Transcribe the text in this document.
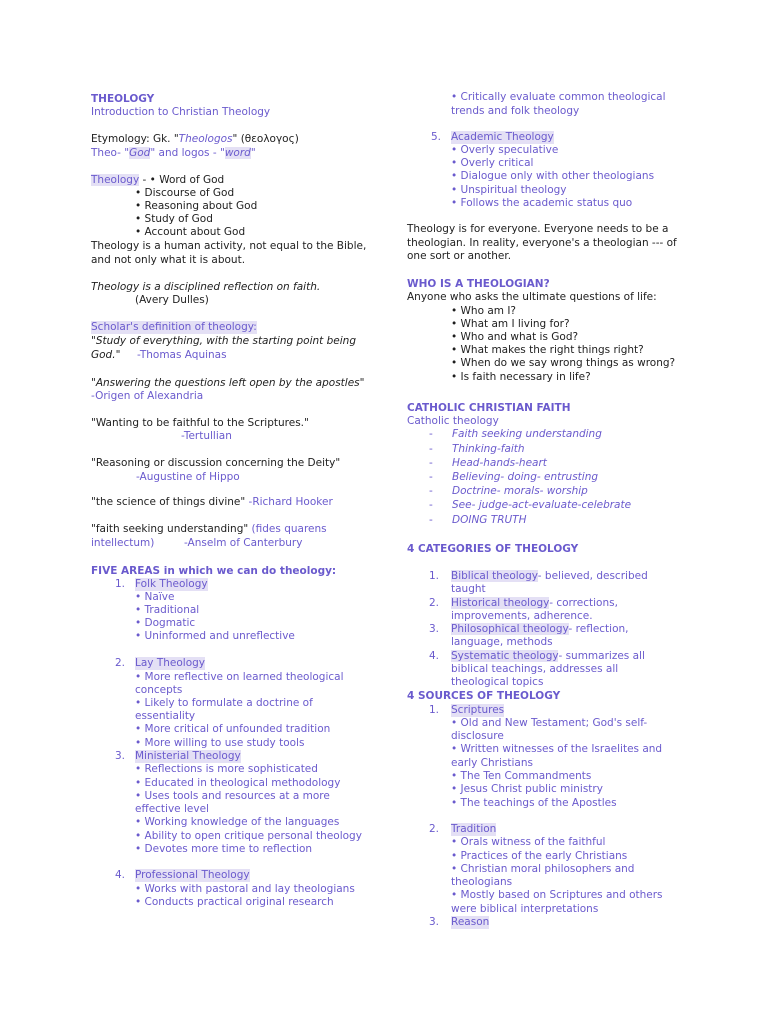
THEOLOGY
Introduction to Christian Theology
Etymology: Gk. "Theologos" (θεολογος)
Theo- "God" and logos - "word"
Theology - • Word of God
• Discourse of God
• Reasoning about God
• Study of God
• Account about God
Theology is a human activity, not equal to the Bible,
and not only what it is about.
Theology is a disciplined reflection on faith.
(Avery Dulles)
Scholar's definition of theology:
"Study of everything, with the starting point being
God." -Thomas Aquinas
"Answering the questions left open by the apostles"
-Origen of Alexandria
"Wanting to be faithful to the Scriptures."
-Tertullian
"Reasoning or discussion concerning the Deity"
-Augustine of Hippo
"the science of things divine" -Richard Hooker
"faith seeking understanding" (fides quarens
intellectum)	-Anselm of Canterbury
FIVE AREAS in which we can do theology:
1. Folk Theology
• Naïve
• Traditional
• Dogmatic
• Uninformed and unreflective
2. Lay Theology
• More reflective on learned theological
concepts
• Likely to formulate a doctrine of
essentiality
• More critical of unfounded tradition
• More willing to use study tools
3. Ministerial Theology
• Reflections is more sophisticated
• Educated in theological methodology
• Uses tools and resources at a more
effective level
• Working knowledge of the languages
• Ability to open critique personal theology
• Devotes more time to reflection
4. Professional Theology
• Works with pastoral and lay theologians
• Conducts practical original research
• Critically evaluate common theological
trends and folk theology
5. Academic Theology
• Overly speculative
• Overly critical
• Dialogue only with other theologians
• Unspiritual theology
• Follows the academic status quo
Theology is for everyone. Everyone needs to be a
theologian. In reality, everyone's a theologian --- of
one sort or another.
WHO IS A THEOLOGIAN?
Anyone who asks the ultimate questions of life:
• Who am I?
• What am I living for?
• Who and what is God?
• What makes the right things right?
• When do we say wrong things as wrong?
• Is faith necessary in life?
CATHOLIC CHRISTIAN FAITH
Catholic theology
- Faith seeking understanding
- Thinking-faith
- Head-hands-heart
- Believing- doing- entrusting
- Doctrine- morals- worship
- See- judge-act-evaluate-celebrate
- DOING TRUTH
4 CATEGORIES OF THEOLOGY
1. Biblical theology- believed, described
taught
2. Historical theology- corrections,
improvements, adherence.
3. Philosophical theology- reflection,
language, methods
4. Systematic theology- summarizes all
biblical teachings, addresses all
theological topics
4 SOURCES OF THEOLOGY
1. Scriptures
• Old and New Testament; God's self-
disclosure
• Written witnesses of the Israelites and
early Christians
• The Ten Commandments
• Jesus Christ public ministry
• The teachings of the Apostles
2. Tradition
• Orals witness of the faithful
• Practices of the early Christians
• Christian moral philosophers and
theologians
• Mostly based on Scriptures and others
were biblical interpretations
3. Reason
